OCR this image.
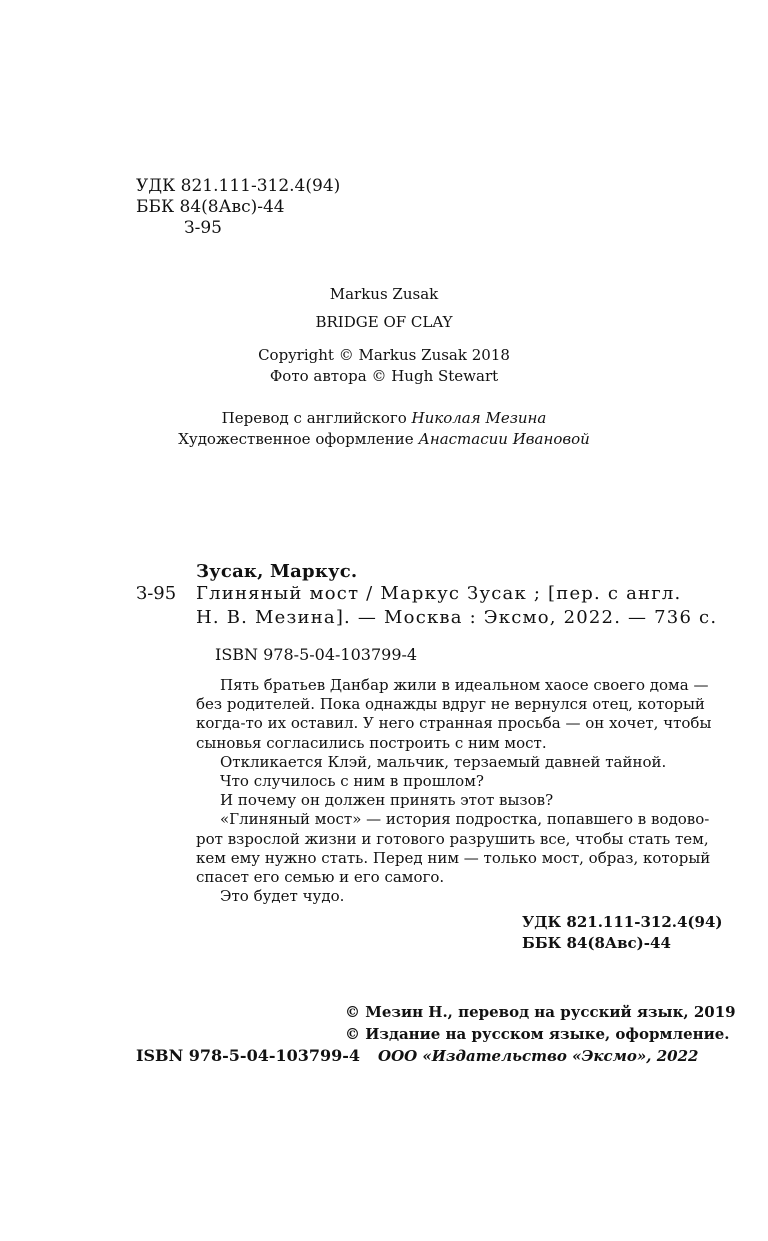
УДК 821.111-312.4(94)
ББК 84(8Авс)-44
З-95
Markus Zusak
BRIDGE OF CLAY
Copyright © Markus Zusak 2018
Фото автора © Hugh Stewart
Перевод с английского Николая Мезина
Художественное оформление Анастасии Ивановой
Зусак, Маркус.
З-95 Глиняный мост / Маркус Зусак ; [пер. с англ.
Н. В. Мезина]. — Москва : Эксмо, 2022. — 736 с.
ISBN 978-5-04-103799-4

Пять братьев Данбар жили в идеальном хаосе своего дома —

без родителей. Пока однажды вдруг не вернулся отец, который

когда-то их оставил. У него странная просьба — он хочет, чтобы

сыновья согласились построить с ним мост.

Откликается Клэй, мальчик, терзаемый давней тайной.

Что случилось с ним в прошлом?

И почему он должен принять этот вызов?

«Глиняный мост» — история подростка, попавшего в водово-

рот взрослой жизни и готового разрушить все, чтобы стать тем,

кем ему нужно стать. Перед ним — только мост, образ, который

спасет его семью и его самого.

Это будет чудо.

УДК 821.111-312.4(94)
ББК 84(8Авс)-44
© Мезин Н., перевод на русский язык, 2019
© Издание на русском языке, оформление.
ООО «Издательство «Эксмо», 2022
ISBN 978-5-04-103799-4
